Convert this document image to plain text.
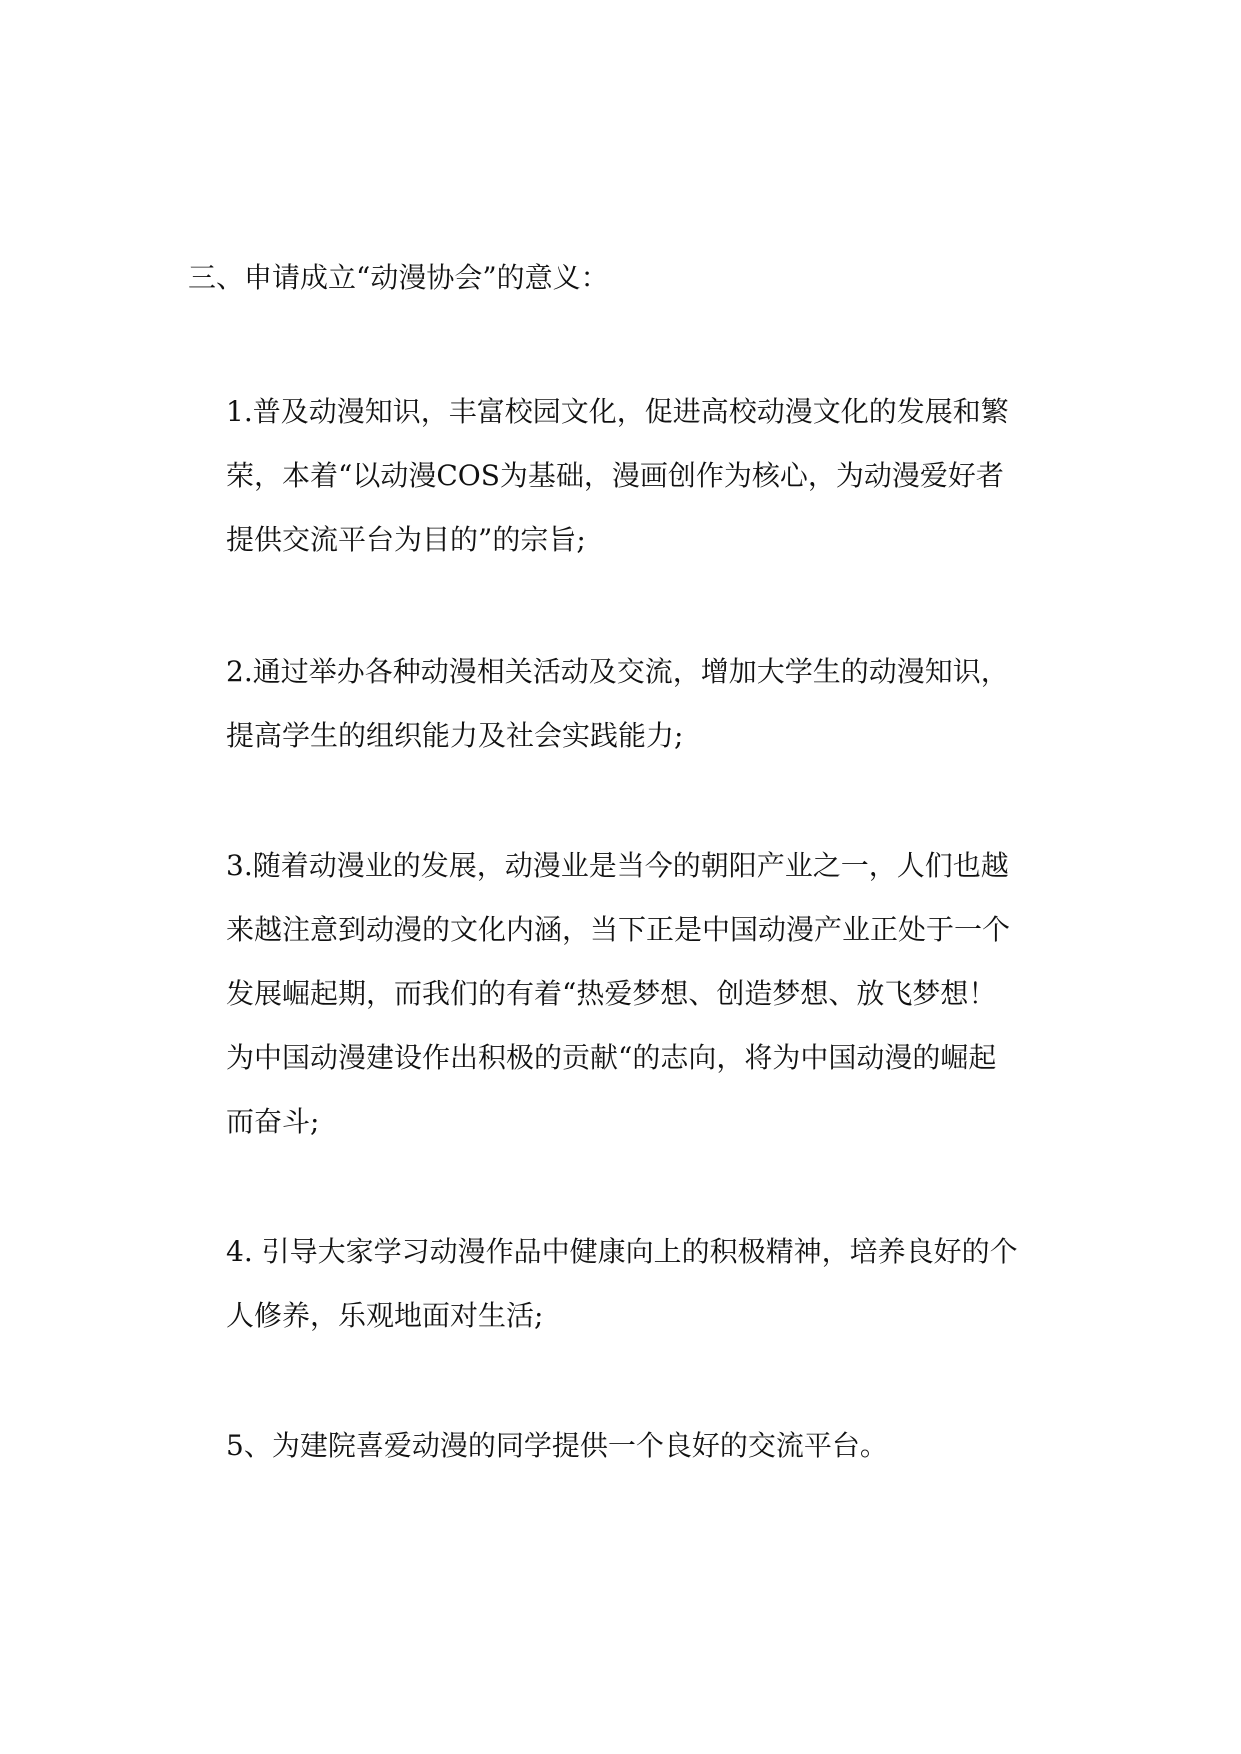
三、申请成立“动漫协会”的意义：
1.普及动漫知识，丰富校园文化，促进高校动漫文化的发展和繁
荣，本着“以动漫COS为基础，漫画创作为核心，为动漫爱好者
提供交流平台为目的”的宗旨;
2.通过举办各种动漫相关活动及交流，增加大学生的动漫知识，
提高学生的组织能力及社会实践能力;
3.随着动漫业的发展，动漫业是当今的朝阳产业之一，人们也越
来越注意到动漫的文化内涵，当下正是中国动漫产业正处于一个
发展崛起期，而我们的有着“热爱梦想、创造梦想、放飞梦想！
为中国动漫建设作出积极的贡献“的志向，将为中国动漫的崛起
而奋斗;
4. 引导大家学习动漫作品中健康向上的积极精神，培养良好的个
人修养，乐观地面对生活;
5、为建院喜爱动漫的同学提供一个良好的交流平台。
